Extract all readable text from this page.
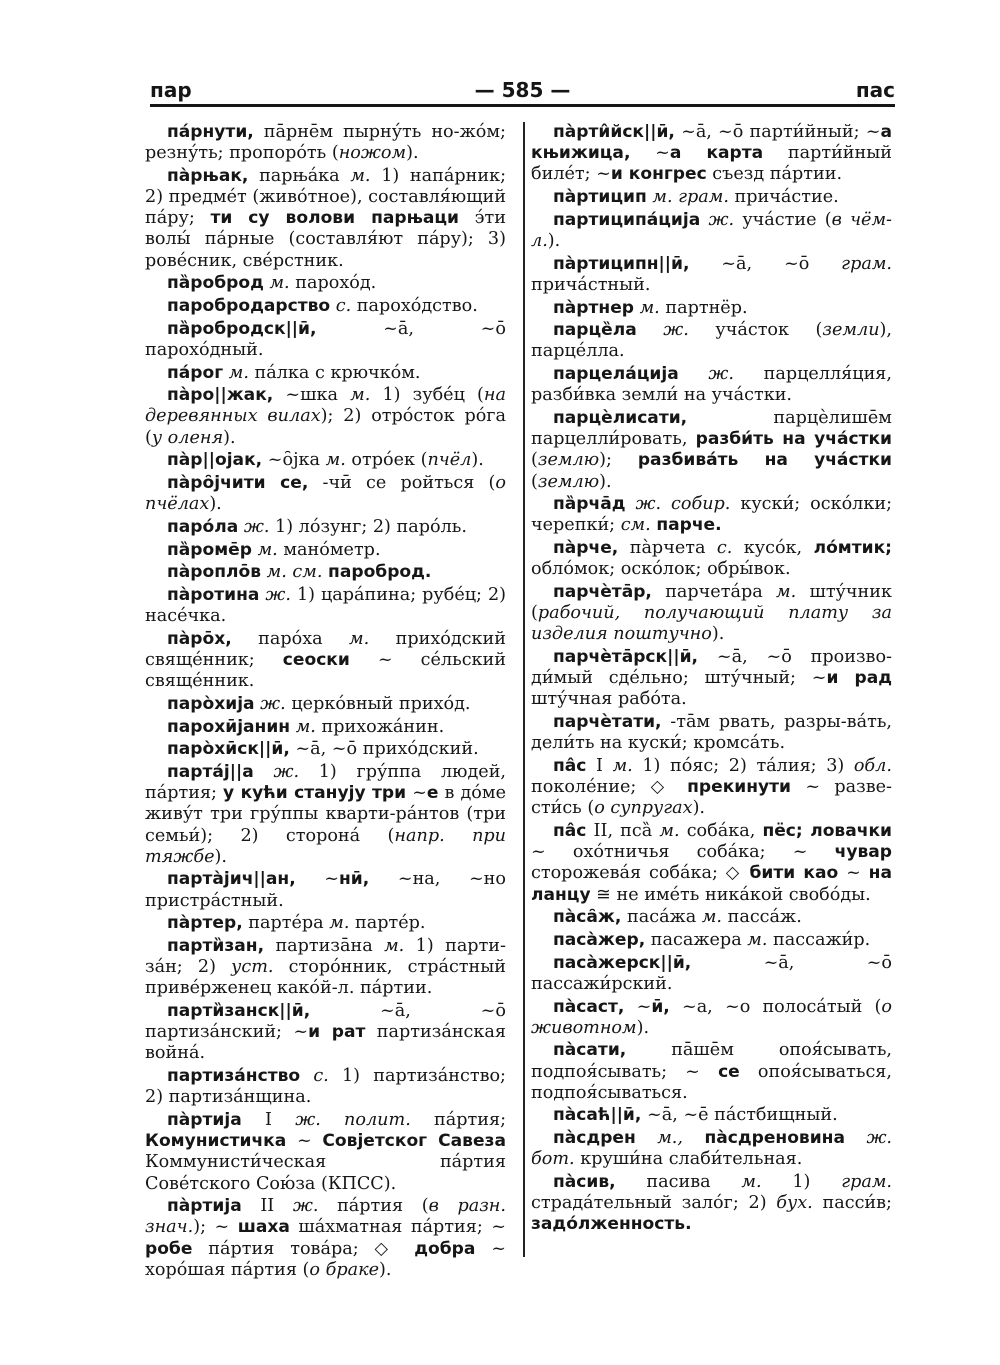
пар	— 585 —	пас

па́рнути, па̄рне̄м пырну́ть но-жо́м; резну́ть; пропоро́ть (ножом).

па̀рњак, парња́ка м. 1) напа́рник; 2) предме́т (живо́тное), составля́ющий па́ру; ти су волови парњаци э́ти волы́ па́рные (составля́ют па́ру); 3) рове́сник, све́рстник.

па̏роброд м. парохо́д.

паробродарство с. парохо́дство.

па̏робродск||ӣ, ~а̄, ~о̄ парохо́дный.

па́рог м. па́лка с крючко́м.

па̀ро||жак, ~шка м. 1) зубе́ц (на деревянных вилах); 2) отро́сток ро́га (у оленя).

па̀р||ојак, ~о̑јка м. отро́ек (пчёл).

па̀ро̑јчити се, -чӣ се ройться (о пчёлах).

паро́ла ж. 1) ло́зунг; 2) паро́ль.

па̏роме̄р м. мано́метр.

па̀ропло̄в м. см. пароброд.

па̀ротина ж. 1) цара́пина; рубе́ц; 2) насе́чка.

па̀ро̄х, паро́ха м. прихо́дский свяще́нник; сеоски ~ се́льский свяще́нник.

паро̀хија ж. церко́вный прихо́д.

парохӣјанин м. прихожа́нин.

паро̀хӣск||ӣ, ~а̄, ~о̄ прихо́дский.

парта́ј||а ж. 1) гру́ппа людей, па́ртия; у кући стануjу три ~е в до́ме живу́т три гру́ппы кварти-ра́нтов (три семьи́); 2) сторона́ (напр. при тяжбе).

парта̀јич||ан, ~нӣ, ~на, ~но пристра́стный.

па̀ртер, парте́ра м. парте́р.

парти̏зан, партиза̄на м. 1) парти-за́н; 2) уст. сторо́нник, стра́стный приве́рженец како́й-л. па́ртии.

парти̏занск||ӣ, ~а̄, ~о̄ партиза́нский; ~и рат партиза́нская война́.

партиза́нство с. 1) партиза́нство; 2) партиза́нщина.

па̀ртија I ж. полит. па́ртия; Комунистичка ~ Совјетског Савеза Коммунисти́ческая па́ртия Сове́тского Сою́за (КПСС).

па̀ртија II ж. па́ртия (в разн. знач.); ~ шаха ша́хматная па́ртия; ~ робе па́ртия това́ра; ◇ добра ~ хоро́шая па́ртия (о браке).

па̀рти̂йск||ӣ, ~а̄, ~о̄ парти́йный; ~а књижица, ~а карта парти́йный биле́т; ~и конгрес съезд па́ртии.

па̀ртицип м. грам. прича́стие.

партиципа́ција ж. уча́стие (в чём-л.).

па̀ртиципн||ӣ, ~а̄, ~о̄ грам. прича́стный.

па̀ртнер м. партнёр.

парце̏ла ж. уча́сток (земли), парце́лла.

парцела́ција ж. парцелля́ция, разби́вка земли́ на уча́стки.

парцѐлисати, парцѐлише̄м парцелли́ровать, разби́ть на уча́стки (землю); разбива́ть на уча́стки (землю).

па̏рча̄д ж. собир. куски́; оско́лки; черепки́; см. парче.

па̀рче, па̀рчета с. кусо́к, ло́мтик; обло́мок; оско́лок; обры́вок.

парчѐта̄р, парчета́ра м. шту́чник (рабочий, получающий плату за изделия поштучно).

парчѐта̄рск||ӣ, ~а̄, ~о̄ произво-ди́мый сде́льно; шту́чный; ~и рад шту́чная рабо́та.

парчѐтати, -та̄м рвать, разры-ва́ть, дели́ть на куски́; кромса́ть.

па̂с I м. 1) по́яс; 2) та́лия; 3) обл. поколе́ние; ◇ прекинути ~ разве-сти́сь (о супругах).

па̂с II, пса̏ м. соба́ка, пёс; ловачки ~ охо́тничья соба́ка; ~ чувар сторожева́я соба́ка; ◇ бити као ~ на ланцу ≅ не име́ть ника́кой свобо́ды.

па̀са̑ж, паса́жа м. пасса́ж.

паса̀жер, пасажера м. пассажи́р.

паса̀жерск||ӣ, ~а̄, ~о̄ пассажи́рский.

па̀саст, ~ӣ, ~а, ~о полоса́тый (о животном).

па̀сати, па̄ше̄м опоя́сывать, подпоя́сывать; ~ се опоя́сываться, подпоя́сываться.

па̀саћ||ӣ, ~а̄, ~е̄ па́стбищный.

па̀сдрен м., па̀сдреновина ж. бот. круши́на слаби́тельная.

па̀сив, пасива м. 1) грам. страда́тельный зало́г; 2) бух. пасси́в; задо́лженность.
